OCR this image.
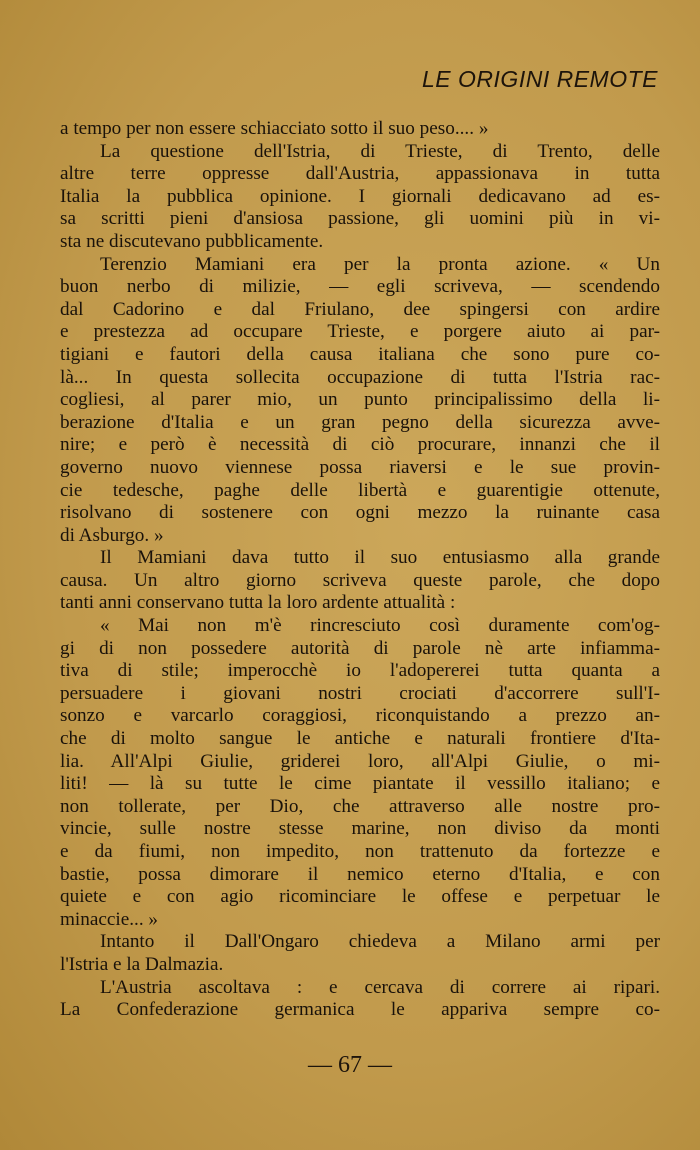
LE ORIGINI REMOTE
a tempo per non essere schiacciato sotto il suo peso.... »
La questione dell'Istria, di Trieste, di Trento, delle
altre terre oppresse dall'Austria, appassionava in tutta
Italia la pubblica opinione. I giornali dedicavano ad es-
sa scritti pieni d'ansiosa passione, gli uomini più in vi-
sta ne discutevano pubblicamente.
Terenzio Mamiani era per la pronta azione. « Un
buon nerbo di milizie, — egli scriveva, — scendendo
dal Cadorino e dal Friulano, dee spingersi con ardire
e prestezza ad occupare Trieste, e porgere aiuto ai par-
tigiani e fautori della causa italiana che sono pure co-
là... In questa sollecita occupazione di tutta l'Istria rac-
cogliesi, al parer mio, un punto principalissimo della li-
berazione d'Italia e un gran pegno della sicurezza avve-
nire; e però è necessità di ciò procurare, innanzi che il
governo nuovo viennese possa riaversi e le sue provin-
cie tedesche, paghe delle libertà e guarentigie ottenute,
risolvano di sostenere con ogni mezzo la ruinante casa
di Asburgo. »
Il Mamiani dava tutto il suo entusiasmo alla grande
causa. Un altro giorno scriveva queste parole, che dopo
tanti anni conservano tutta la loro ardente attualità :
« Mai non m'è rincresciuto così duramente com'og-
gi di non possedere autorità di parole nè arte infiamma-
tiva di stile; imperocchè io l'adopererei tutta quanta a
persuadere i giovani nostri crociati d'accorrere sull'I-
sonzo e varcarlo coraggiosi, riconquistando a prezzo an-
che di molto sangue le antiche e naturali frontiere d'Ita-
lia. All'Alpi Giulie, griderei loro, all'Alpi Giulie, o mi-
liti! — là su tutte le cime piantate il vessillo italiano; e
non tollerate, per Dio, che attraverso alle nostre pro-
vincie, sulle nostre stesse marine, non diviso da monti
e da fiumi, non impedito, non trattenuto da fortezze e
bastie, possa dimorare il nemico eterno d'Italia, e con
quiete e con agio ricominciare le offese e perpetuar le
minaccie... »
Intanto il Dall'Ongaro chiedeva a Milano armi per
l'Istria e la Dalmazia.
L'Austria ascoltava : e cercava di correre ai ripari.
La Confederazione germanica le appariva sempre co-
— 67 —
